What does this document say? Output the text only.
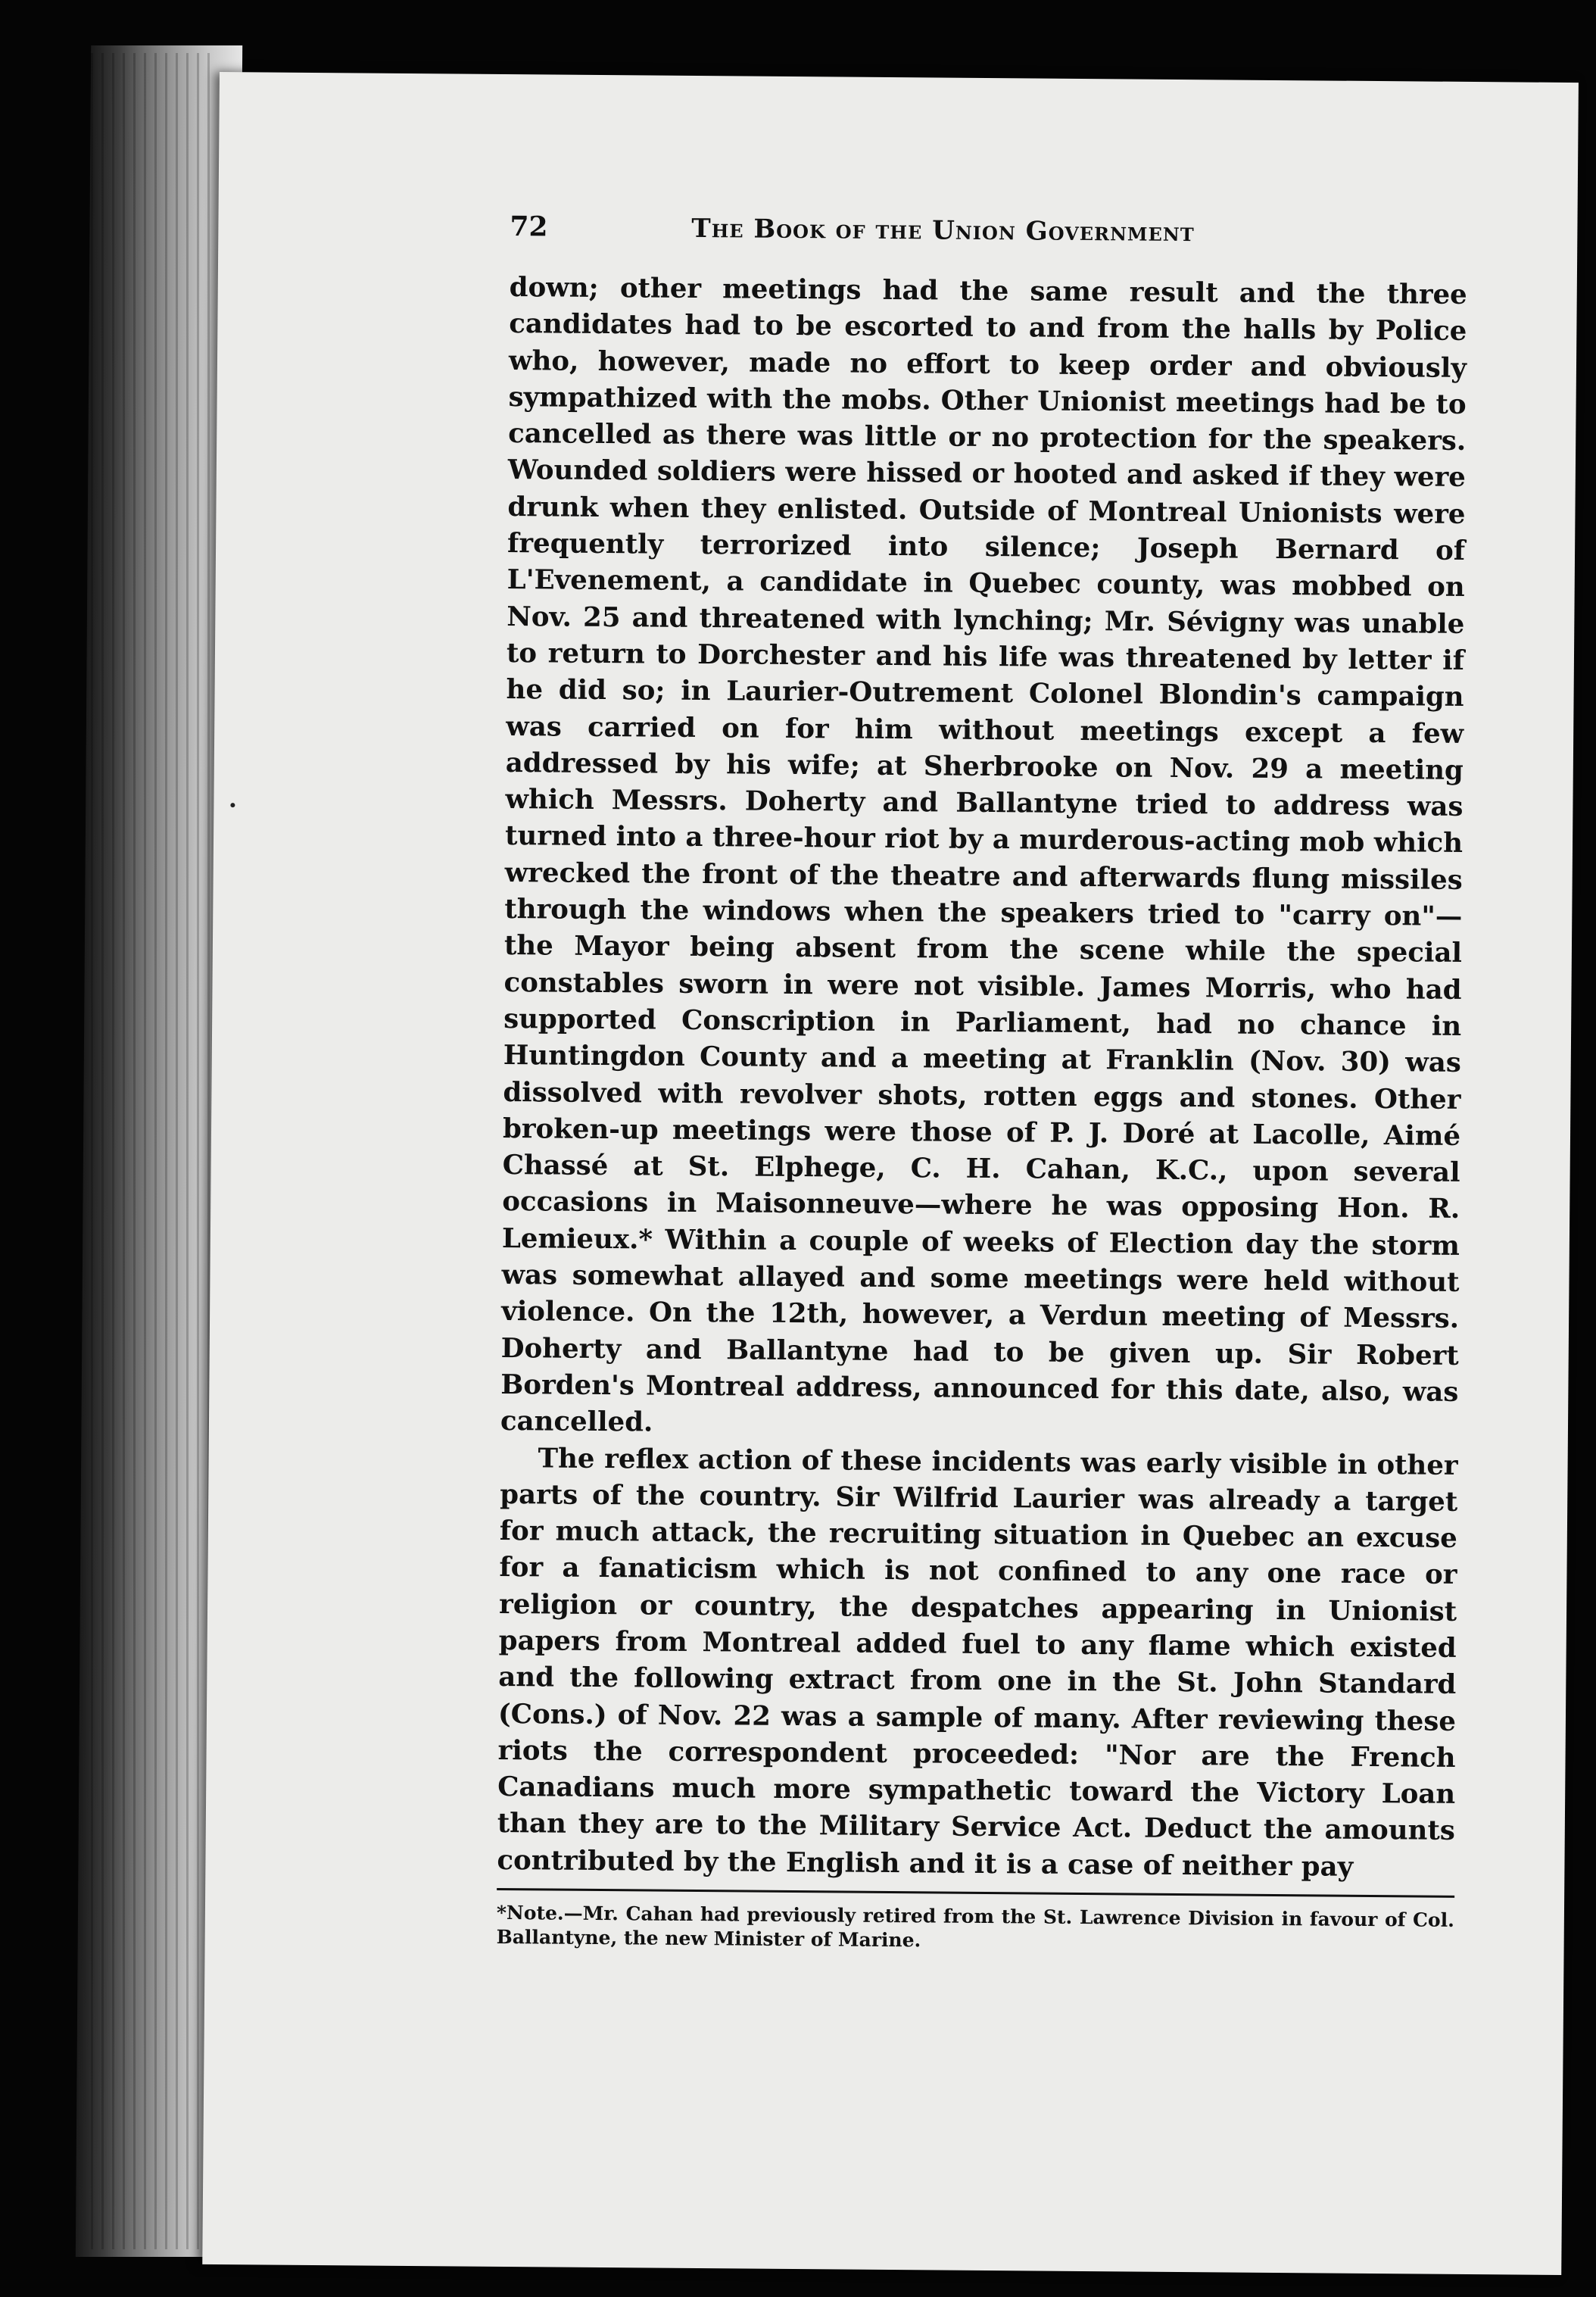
72	The Book of the Union Government

down; other meetings had the same result and the three candidates had to be escorted to and from the halls by Police who, however, made no effort to keep order and obviously sympathized with the mobs. Other Unionist meetings had be to cancelled as there was little or no protection for the speakers. Wounded soldiers were hissed or hooted and asked if they were drunk when they enlisted. Outside of Montreal Unionists were frequently terrorized into silence; Joseph Bernard of L'Evenement, a candidate in Quebec county, was mobbed on Nov. 25 and threatened with lynching; Mr. Sévigny was unable to return to Dorchester and his life was threatened by letter if he did so; in Laurier-Outrement Colonel Blondin's campaign was carried on for him without meetings except a few addressed by his wife; at Sherbrooke on Nov. 29 a meeting which Messrs. Doherty and Ballantyne tried to address was turned into a three-hour riot by a murderous-acting mob which wrecked the front of the theatre and afterwards flung missiles through the windows when the speakers tried to "carry on"—the Mayor being absent from the scene while the special constables sworn in were not visible. James Morris, who had supported Conscription in Parliament, had no chance in Huntingdon County and a meeting at Franklin (Nov. 30) was dissolved with revolver shots, rotten eggs and stones. Other broken-up meetings were those of P. J. Doré at Lacolle, Aimé Chassé at St. Elphege, C. H. Cahan, K.C., upon several occasions in Maisonneuve—where he was opposing Hon. R. Lemieux.* Within a couple of weeks of Election day the storm was somewhat allayed and some meetings were held without violence. On the 12th, however, a Verdun meeting of Messrs. Doherty and Ballantyne had to be given up. Sir Robert Borden's Montreal address, announced for this date, also, was cancelled.

The reflex action of these incidents was early visible in other parts of the country. Sir Wilfrid Laurier was already a target for much attack, the recruiting situation in Quebec an excuse for a fanaticism which is not confined to any one race or religion or country, the despatches appearing in Unionist papers from Montreal added fuel to any flame which existed and the following extract from one in the St. John Standard (Cons.) of Nov. 22 was a sample of many. After reviewing these riots the correspondent proceeded: "Nor are the French Canadians much more sympathetic toward the Victory Loan than they are to the Military Service Act. Deduct the amounts contributed by the English and it is a case of neither pay

*Note.—Mr. Cahan had previously retired from the St. Lawrence Division in favour of Col. Ballantyne, the new Minister of Marine.
